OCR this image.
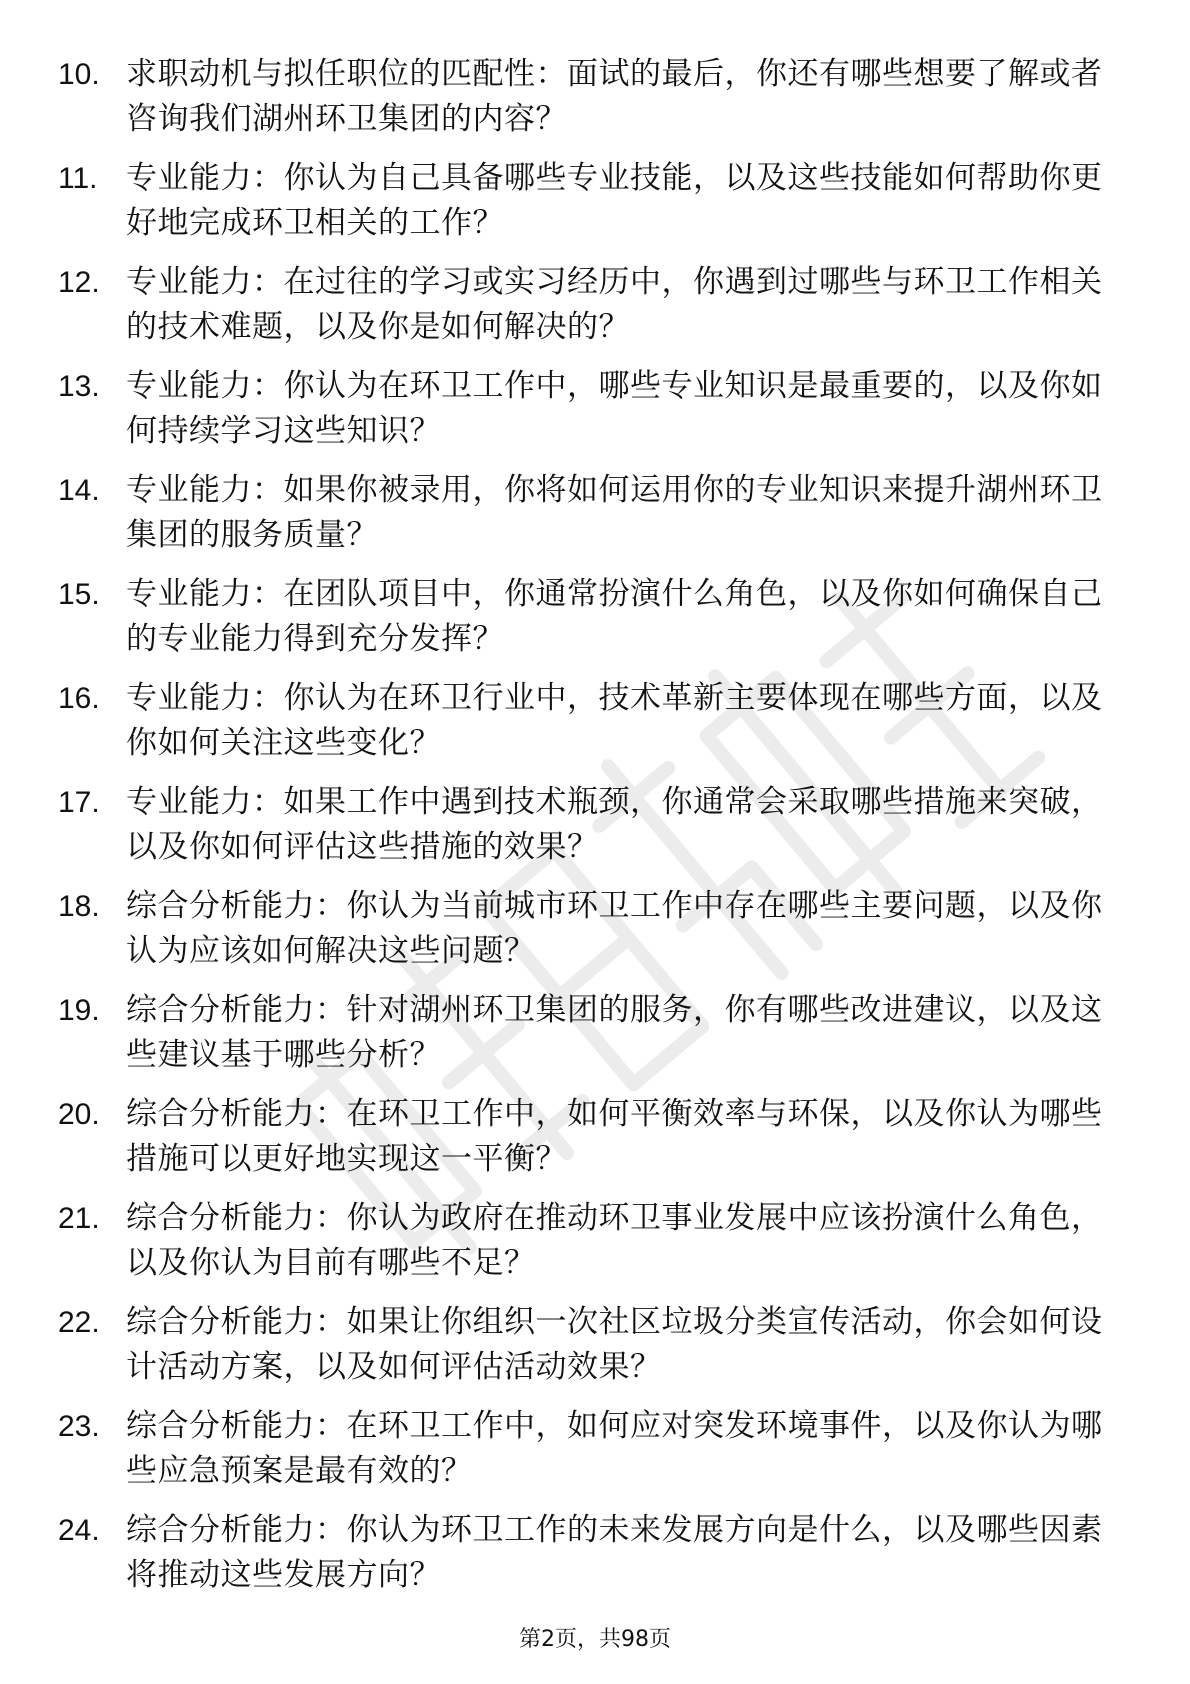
10. 求职动机与拟任职位的匹配性：面试的最后，你还有哪些想要了解或者咨询我们湖州环卫集团的内容？
11. 专业能力：你认为自己具备哪些专业技能，以及这些技能如何帮助你更好地完成环卫相关的工作？
12. 专业能力：在过往的学习或实习经历中，你遇到过哪些与环卫工作相关的技术难题，以及你是如何解决的？
13. 专业能力：你认为在环卫工作中，哪些专业知识是最重要的，以及你如何持续学习这些知识？
14. 专业能力：如果你被录用，你将如何运用你的专业知识来提升湖州环卫集团的服务质量？
15. 专业能力：在团队项目中，你通常扮演什么角色，以及你如何确保自己的专业能力得到充分发挥？
16. 专业能力：你认为在环卫行业中，技术革新主要体现在哪些方面，以及你如何关注这些变化？
17. 专业能力：如果工作中遇到技术瓶颈，你通常会采取哪些措施来突破，以及你如何评估这些措施的效果？
18. 综合分析能力：你认为当前城市环卫工作中存在哪些主要问题，以及你认为应该如何解决这些问题？
19. 综合分析能力：针对湖州环卫集团的服务，你有哪些改进建议，以及这些建议基于哪些分析？
20. 综合分析能力：在环卫工作中，如何平衡效率与环保，以及你认为哪些措施可以更好地实现这一平衡？
21. 综合分析能力：你认为政府在推动环卫事业发展中应该扮演什么角色，以及你认为目前有哪些不足？
22. 综合分析能力：如果让你组织一次社区垃圾分类宣传活动，你会如何设计活动方案，以及如何评估活动效果？
23. 综合分析能力：在环卫工作中，如何应对突发环境事件，以及你认为哪些应急预案是最有效的？
24. 综合分析能力：你认为环卫工作的未来发展方向是什么，以及哪些因素将推动这些发展方向？
第2页，共98页
